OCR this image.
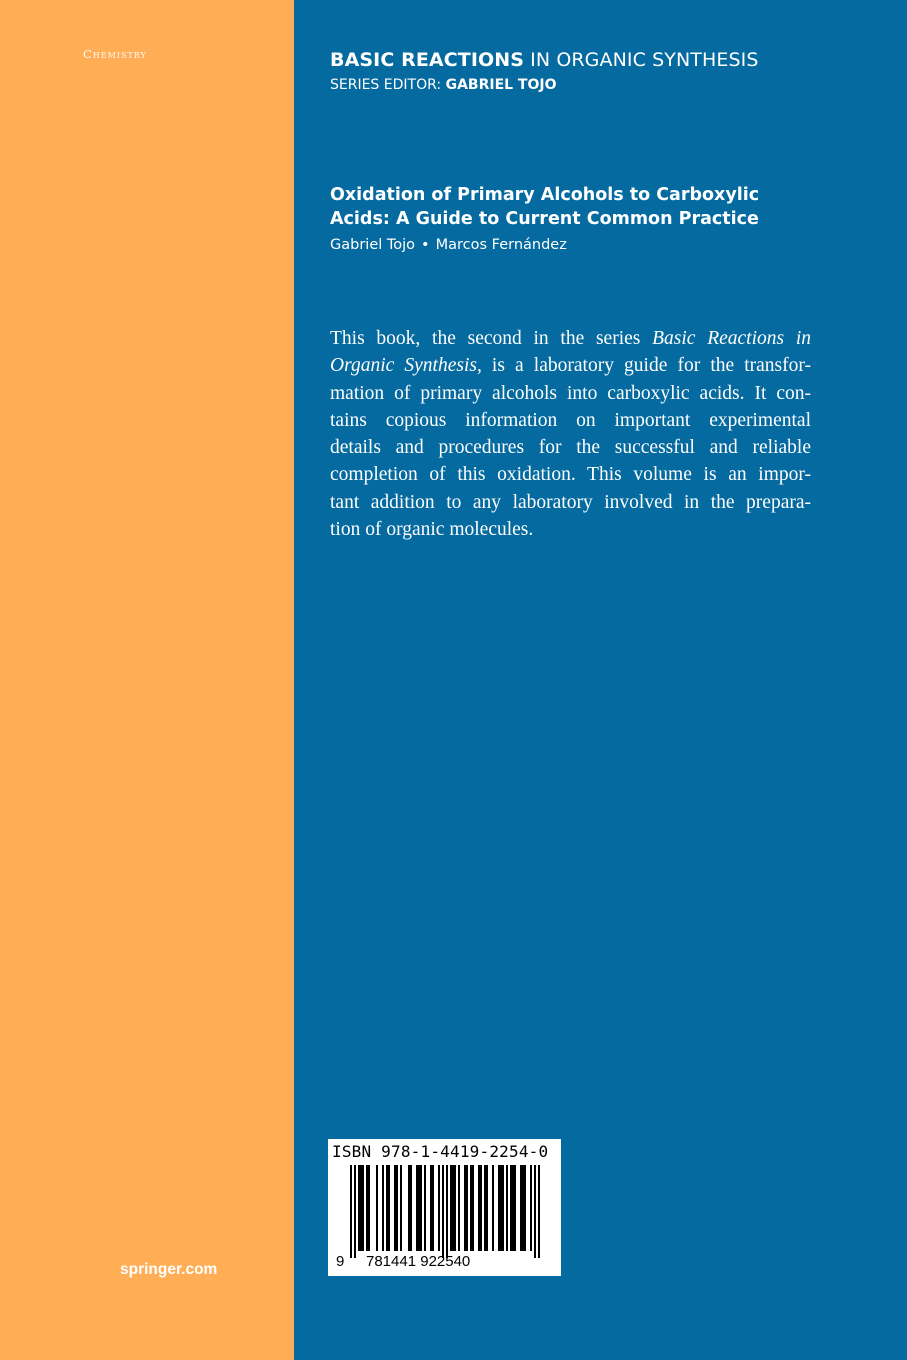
Chemistry
springer.com
BASIC REACTIONS IN ORGANIC SYNTHESIS
SERIES EDITOR: GABRIEL TOJO
Oxidation of Primary Alcohols to Carboxylic
Acids: A Guide to Current Common Practice
Gabriel Tojo • Marcos Fernández
This book, the second in the series Basic Reactions in
Organic Synthesis, is a laboratory guide for the transfor-
mation of primary alcohols into carboxylic acids. It con-
tains copious information on important experimental
details and procedures for the successful and reliable
completion of this oxidation. This volume is an impor-
tant addition to any laboratory involved in the prepara-
tion of organic molecules.
ISBN 978-1-4419-2254-0
9 781441 922540
